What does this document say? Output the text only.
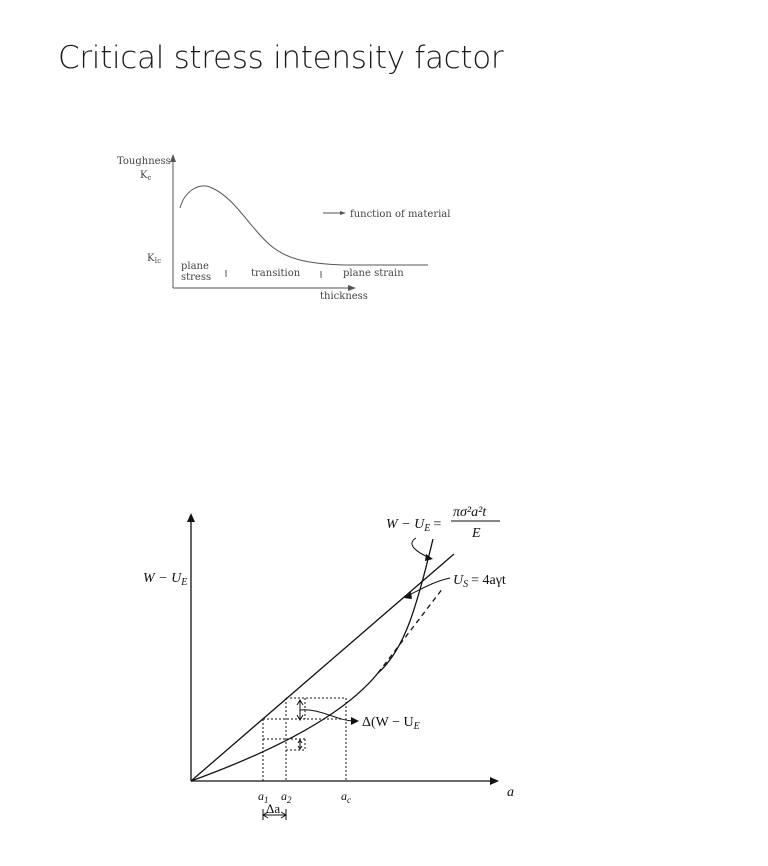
Critical stress intensity factor
Toughness
$K_c$
$K_{Ic}$
function of material
plane
stress	transition	plane strain
thickness
$W - U_E$
a
$W - U_E$ =
πσ²a²t
E
$U_S = 4a\gamma t$
$\Delta(W - U_E$
$a_1$ $a_2$	$a_c$
Δa
